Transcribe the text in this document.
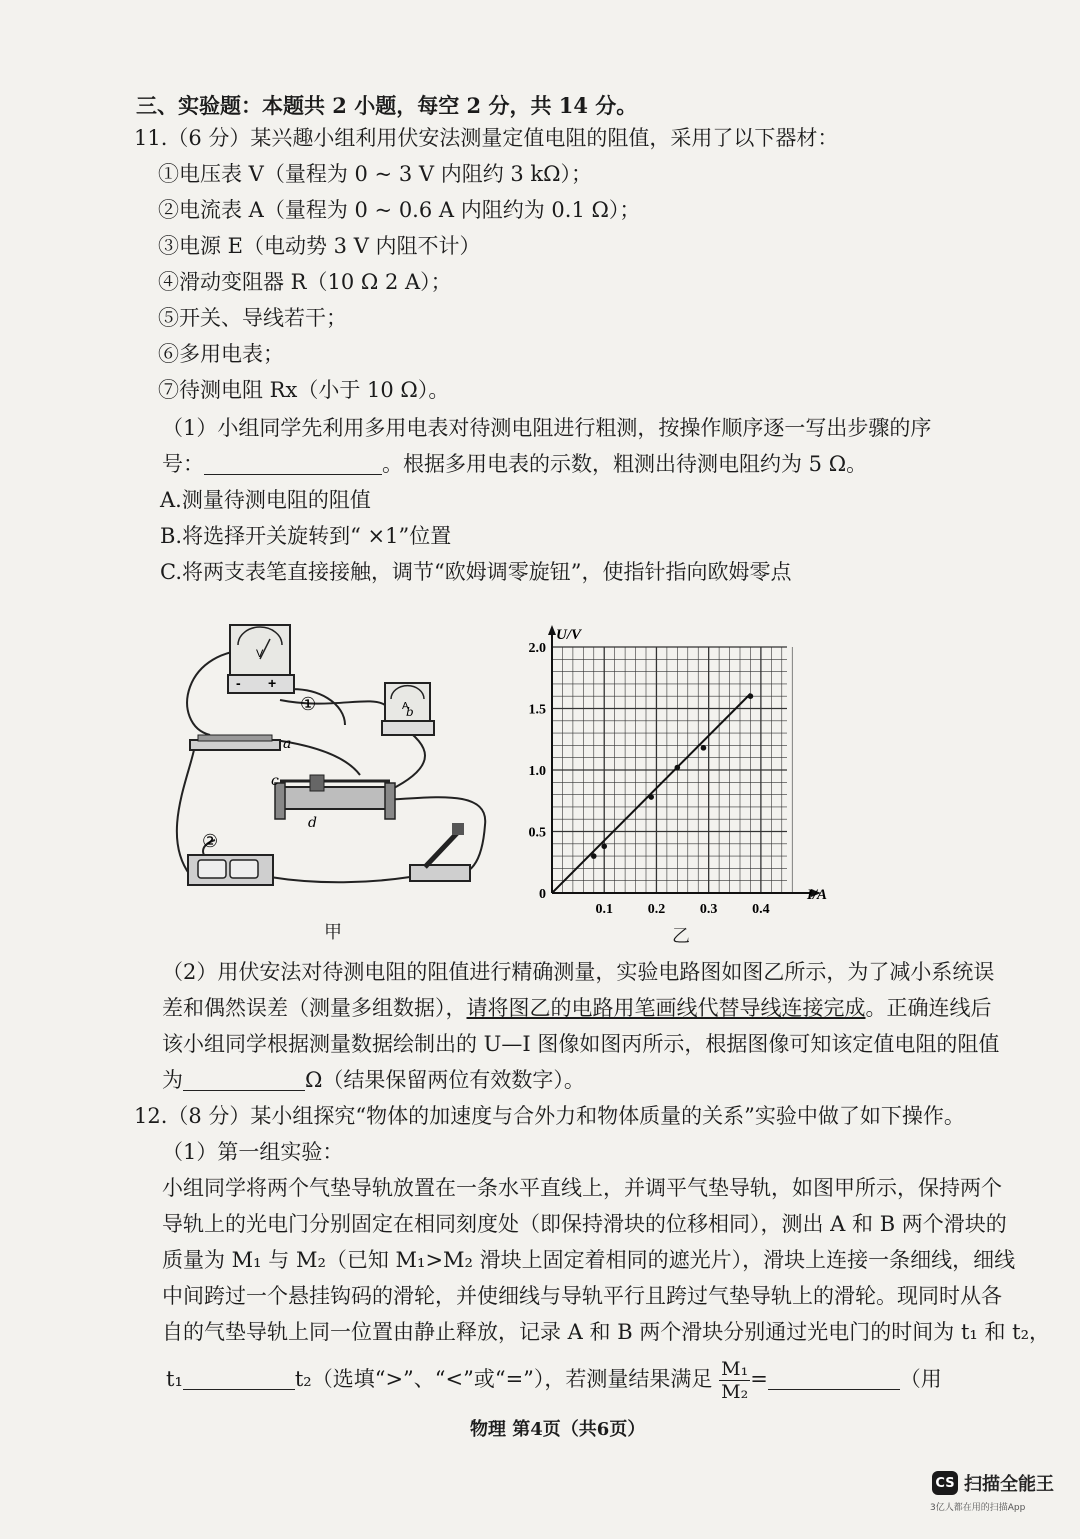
三、实验题：本题共 2 小题，每空 2 分，共 14 分。
11.（6 分）某兴趣小组利用伏安法测量定值电阻的阻值，采用了以下器材：
①电压表 V（量程为 0 ~ 3 V 内阻约 3 kΩ）；
②电流表 A（量程为 0 ~ 0.6 A 内阻约为 0.1 Ω）；
③电源 E（电动势 3 V 内阻不计）
④滑动变阻器 R（10 Ω 2 A）；
⑤开关、导线若干；
⑥多用电表；
⑦待测电阻 Rx（小于 10 Ω）。
（1）小组同学先利用多用电表对待测电阻进行粗测，按操作顺序逐一写出步骤的序
号：	。根据多用电表的示数，粗测出待测电阻约为 5 Ω。
A.测量待测电阻的阻值
B.将选择开关旋转到“ ×1”位置
C.将两支表笔直接接触，调节“欧姆调零旋钮”，使指针指向欧姆零点
V
+
-
A
①
②
a
b
c
d
甲
0
0.5
1.0
1.5
2.0
0.1 0.2 0.3 0.4
U/V
I/A
乙
（2）用伏安法对待测电阻的阻值进行精确测量，实验电路图如图乙所示，为了减小系统误
差和偶然误差（测量多组数据），请将图乙的电路用笔画线代替导线连接完成。正确连线后
该小组同学根据测量数据绘制出的 U—I 图像如图丙所示，根据图像可知该定值电阻的阻值
为	Ω（结果保留两位有效数字）。
12.（8 分）某小组探究“物体的加速度与合外力和物体质量的关系”实验中做了如下操作。
（1）第一组实验：
小组同学将两个气垫导轨放置在一条水平直线上，并调平气垫导轨，如图甲所示，保持两个
导轨上的光电门分别固定在相同刻度处（即保持滑块的位移相同），测出 A 和 B 两个滑块的
质量为 M₁ 与 M₂（已知 M₁>M₂ 滑块上固定着相同的遮光片），滑块上连接一条细线，细线
中间跨过一个悬挂钩码的滑轮，并使细线与导轨平行且跨过气垫导轨上的滑轮。现同时从各
自的气垫导轨上同一位置由静止释放，记录 A 和 B 两个滑块分别通过光电门的时间为 t₁ 和 t₂，
t₁	t₂（选填“>”、“<”或“=”），若测量结果满足 $\frac{\text{M₁}}{\text{M₂}}$ =	（用
物理 第4页（共6页）
CS 扫描全能王
3亿人都在用的扫描App
